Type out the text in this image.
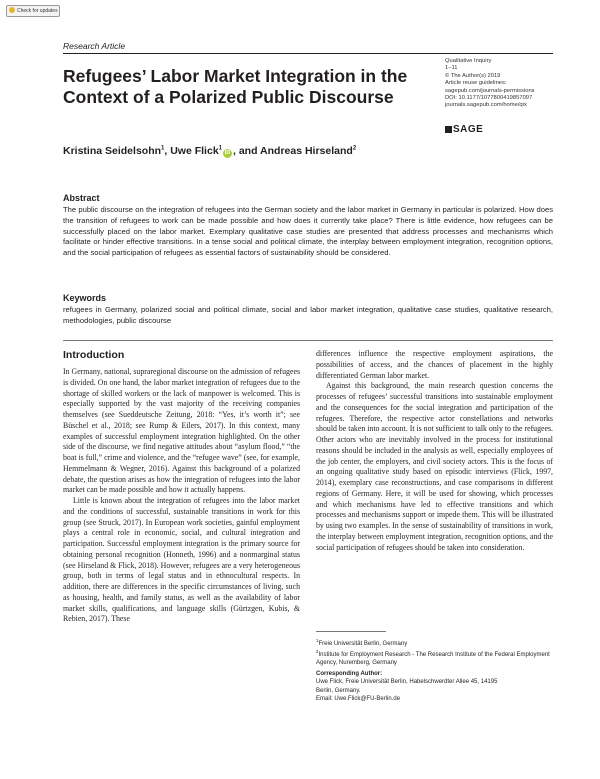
Check for updates
Research Article
Refugees’ Labor Market Integration in the Context of a Polarized Public Discourse
Qualitative Inquiry
1–11
© The Author(s) 2019
Article reuse guidelines:
sagepub.com/journals-permissions
DOI: 10.1177/1077800419857097
journals.sagepub.com/home/qix
SAGE
Kristina Seidelsohn$^1$, Uwe Flick$^1$iD , and Andreas Hirseland$^2$
Abstract
The public discourse on the integration of refugees into the German society and the labor market in Germany in particular is polarized. How does the transition of refugees to work can be made possible and how does it currently take place? There is little evidence, how refugees can be successfully placed on the labor market. Exemplary qualitative case studies are presented that address processes and mechanisms which facilitate or hinder effective transitions. In a tense social and political climate, the interplay between employment integration, recognition options, and the social participation of refugees as essential factors of sustainability should be considered.
Keywords
refugees in Germany, polarized social and political climate, social and labor market integration, qualitative case studies, qualitative research, methodologies, public discourse
Introduction

In Germany, national, supraregional discourse on the admission of refugees is divided. On one hand, the labor market integration of refugees due to the shortage of skilled workers or the lack of manpower is welcomed. This is especially supported by the vast majority of the receiving companies themselves (see Sueddeutsche Zeitung, 2018: “Yes, it’s worth it”; see Büschel et al., 2018; see Rump & Eilers, 2017). In this context, many examples of successful employment integration highlighted. On the other side of the discourse, we find negative attitudes about “asylum flood,” “the boat is full,” crime and violence, and the “refugee wave” (see, for example, Hemmelmann & Wegner, 2016). Against this background of a polarized debate, the question arises as how the integration of refugees into the labor market can be made possible and how it actually happens.

Little is known about the integration of refugees into the labor market and the conditions of successful, sustainable transitions in work for this group (see Struck, 2017). In European work societies, gainful employment plays a central role in economic, social, and cultural integration and participation. Successful employment integration is the primary source for obtaining personal recognition (Honneth, 1996) and a nonmarginal status (see Hirseland & Flick, 2018). However, refugees are a very heterogeneous group, both in terms of legal status and in ethnocultural respects. In addition, there are differences in the specific circumstances of living, such as housing, health, and family status, as well as the availability of labor market skills, qualifications, and language skills (Gürtzgen, Kubis, & Rebien, 2017). These

differences influence the respective employment aspirations, the possibilities of access, and the chances of placement in the highly differentiated German labor market.

Against this background, the main research question concerns the processes of refugees’ successful transitions into sustainable employment and the consequences for the social integration and participation of the refugees. Therefore, the respective actor constellations and networks should be taken into account. It is not sufficient to talk only to the refugees. Other actors who are inevitably involved in the process for institutional reasons should be included in the analysis as well, especially employees of the job center, the employers, and civil society actors. This is the focus of an ongoing qualitative study based on episodic interviews (Flick, 1997, 2014), exemplary case reconstructions, and case comparisons in different regions of Germany. Here, it will be used for showing, which processes and which mechanisms have led to effective transitions and which processes and mechanisms support or impede them. This will be illustrated by using two examples. In the sense of sustainability of transitions in work, the interplay between employment integration, recognition options, and the social participation of refugees should be taken into consideration.

$^1$Freie Universität Berlin, Germany
$^2$Institute for Employment Research - The Research Institute of the Federal Employment Agency, Nuremberg, Germany
Corresponding Author:
Uwe Flick, Freie Universität Berlin, Habelschwerdter Allee 45, 14195
Berlin, Germany.
Email: Uwe.Flick@FU-Berlin.de
